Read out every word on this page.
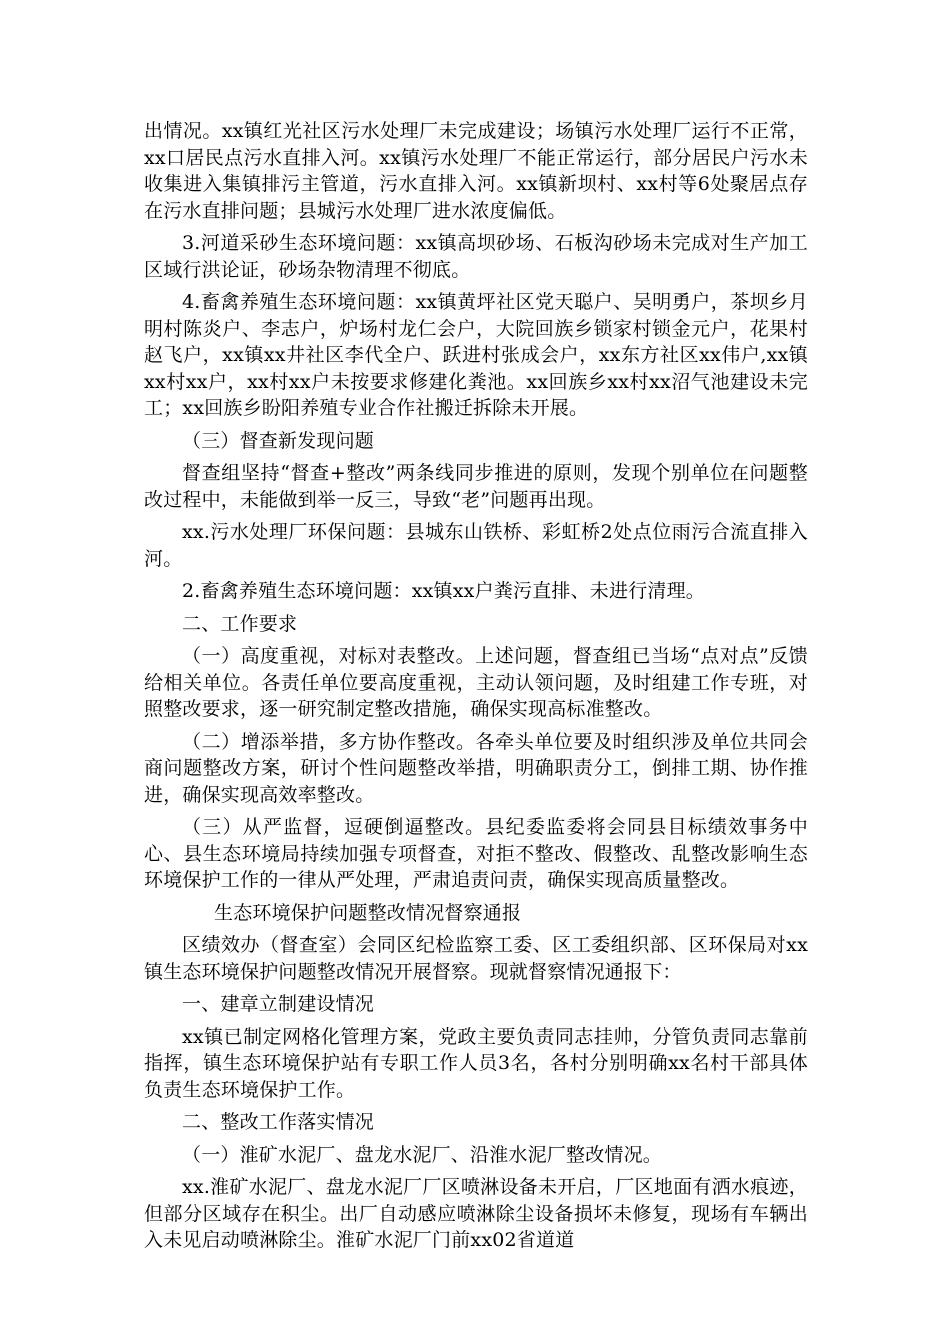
出情况。xx镇红光社区污水处理厂未完成建设；场镇污水处理厂运行不正常，xx口居民点污水直排入河。xx镇污水处理厂不能正常运行，部分居民户污水未收集进入集镇排污主管道，污水直排入河。xx镇新坝村、xx村等6处聚居点存在污水直排问题；县城污水处理厂进水浓度偏低。

3.河道采砂生态环境问题：xx镇高坝砂场、石板沟砂场未完成对生产加工区域行洪论证，砂场杂物清理不彻底。

4.畜禽养殖生态环境问题：xx镇黄坪社区党天聪户、吴明勇户，茶坝乡月明村陈炎户、李志户，炉场村龙仁会户，大院回族乡锁家村锁金元户，花果村赵飞户，xx镇xx井社区李代全户、跃进村张成会户，xx东方社区xx伟户,xx镇xx村xx户，xx村xx户未按要求修建化粪池。xx回族乡xx村xx沼气池建设未完工；xx回族乡盼阳养殖专业合作社搬迁拆除未开展。

（三）督查新发现问题

督查组坚持“督查+整改”两条线同步推进的原则，发现个别单位在问题整改过程中，未能做到举一反三，导致“老”问题再出现。

xx.污水处理厂环保问题：县城东山铁桥、彩虹桥2处点位雨污合流直排入河。

2.畜禽养殖生态环境问题：xx镇xx户粪污直排、未进行清理。

二、工作要求

（一）高度重视，对标对表整改。上述问题，督查组已当场“点对点”反馈给相关单位。各责任单位要高度重视，主动认领问题，及时组建工作专班，对照整改要求，逐一研究制定整改措施，确保实现高标准整改。

（二）增添举措，多方协作整改。各牵头单位要及时组织涉及单位共同会商问题整改方案，研讨个性问题整改举措，明确职责分工，倒排工期、协作推进，确保实现高效率整改。

（三）从严监督，逗硬倒逼整改。县纪委监委将会同县目标绩效事务中心、县生态环境局持续加强专项督查，对拒不整改、假整改、乱整改影响生态环境保护工作的一律从严处理，严肃追责问责，确保实现高质量整改。

生态环境保护问题整改情况督察通报

区绩效办（督查室）会同区纪检监察工委、区工委组织部、区环保局对xx镇生态环境保护问题整改情况开展督察。现就督察情况通报下：

一、建章立制建设情况

xx镇已制定网格化管理方案，党政主要负责同志挂帅，分管负责同志靠前指挥，镇生态环境保护站有专职工作人员3名，各村分别明确xx名村干部具体负责生态环境保护工作。

二、整改工作落实情况

（一）淮矿水泥厂、盘龙水泥厂、沿淮水泥厂整改情况。

xx.淮矿水泥厂、盘龙水泥厂厂区喷淋设备未开启，厂区地面有洒水痕迹，但部分区域存在积尘。出厂自动感应喷淋除尘设备损坏未修复，现场有车辆出入未见启动喷淋除尘。淮矿水泥厂门前xx02省道道
